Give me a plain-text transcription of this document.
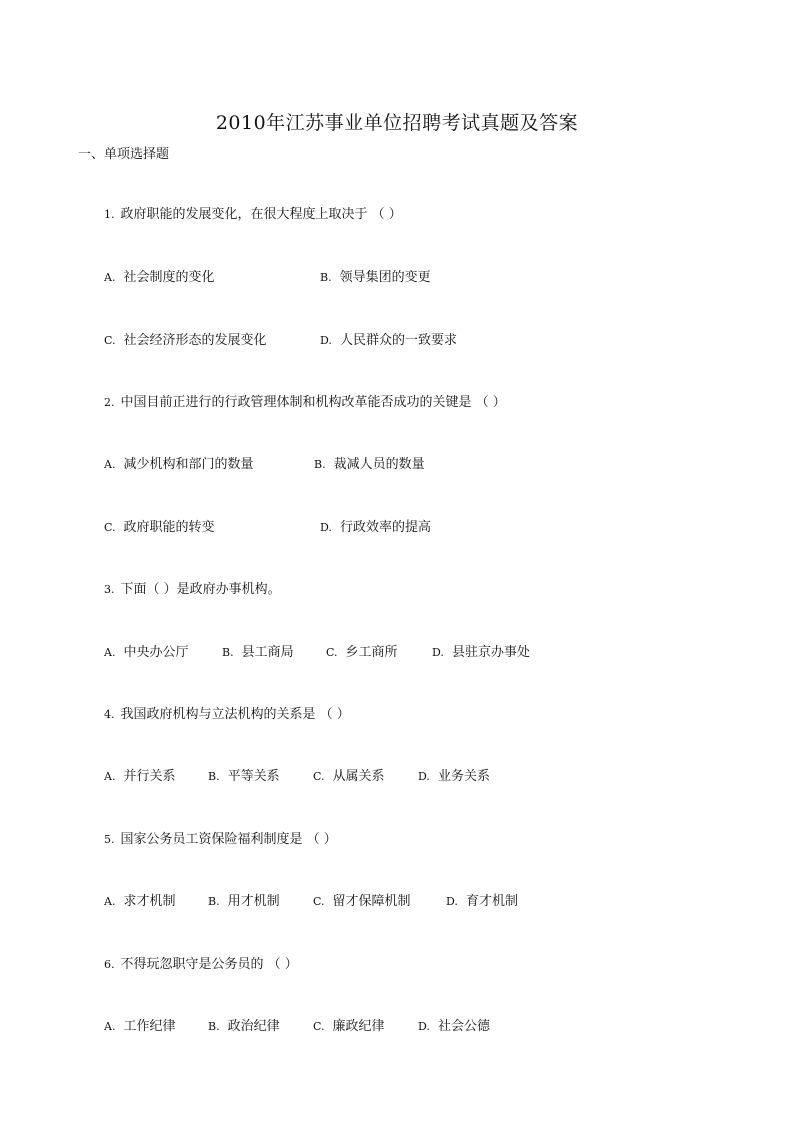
2010年江苏事业单位招聘考试真题及答案
一、单项选择题
1. 政府职能的发展变化，在很大程度上取决于 （ ）
A. 社会制度的变化	B. 领导集团的变更
C. 社会经济形态的发展变化	D. 人民群众的一致要求
2. 中国目前正进行的行政管理体制和机构改革能否成功的关键是 （ ）
A. 减少机构和部门的数量	B. 裁减人员的数量
C. 政府职能的转变	D. 行政效率的提高
3. 下面（ ）是政府办事机构。
A. 中央办公厅	B. 县工商局	C. 乡工商所	D. 县驻京办事处
4. 我国政府机构与立法机构的关系是 （ ）
A. 并行关系	B. 平等关系	C. 从属关系	D. 业务关系
5. 国家公务员工资保险福利制度是 （ ）
A. 求才机制	B. 用才机制	C. 留才保障机制	D. 育才机制
6. 不得玩忽职守是公务员的 （ ）
A. 工作纪律	B. 政治纪律	C. 廉政纪律	D. 社会公德
